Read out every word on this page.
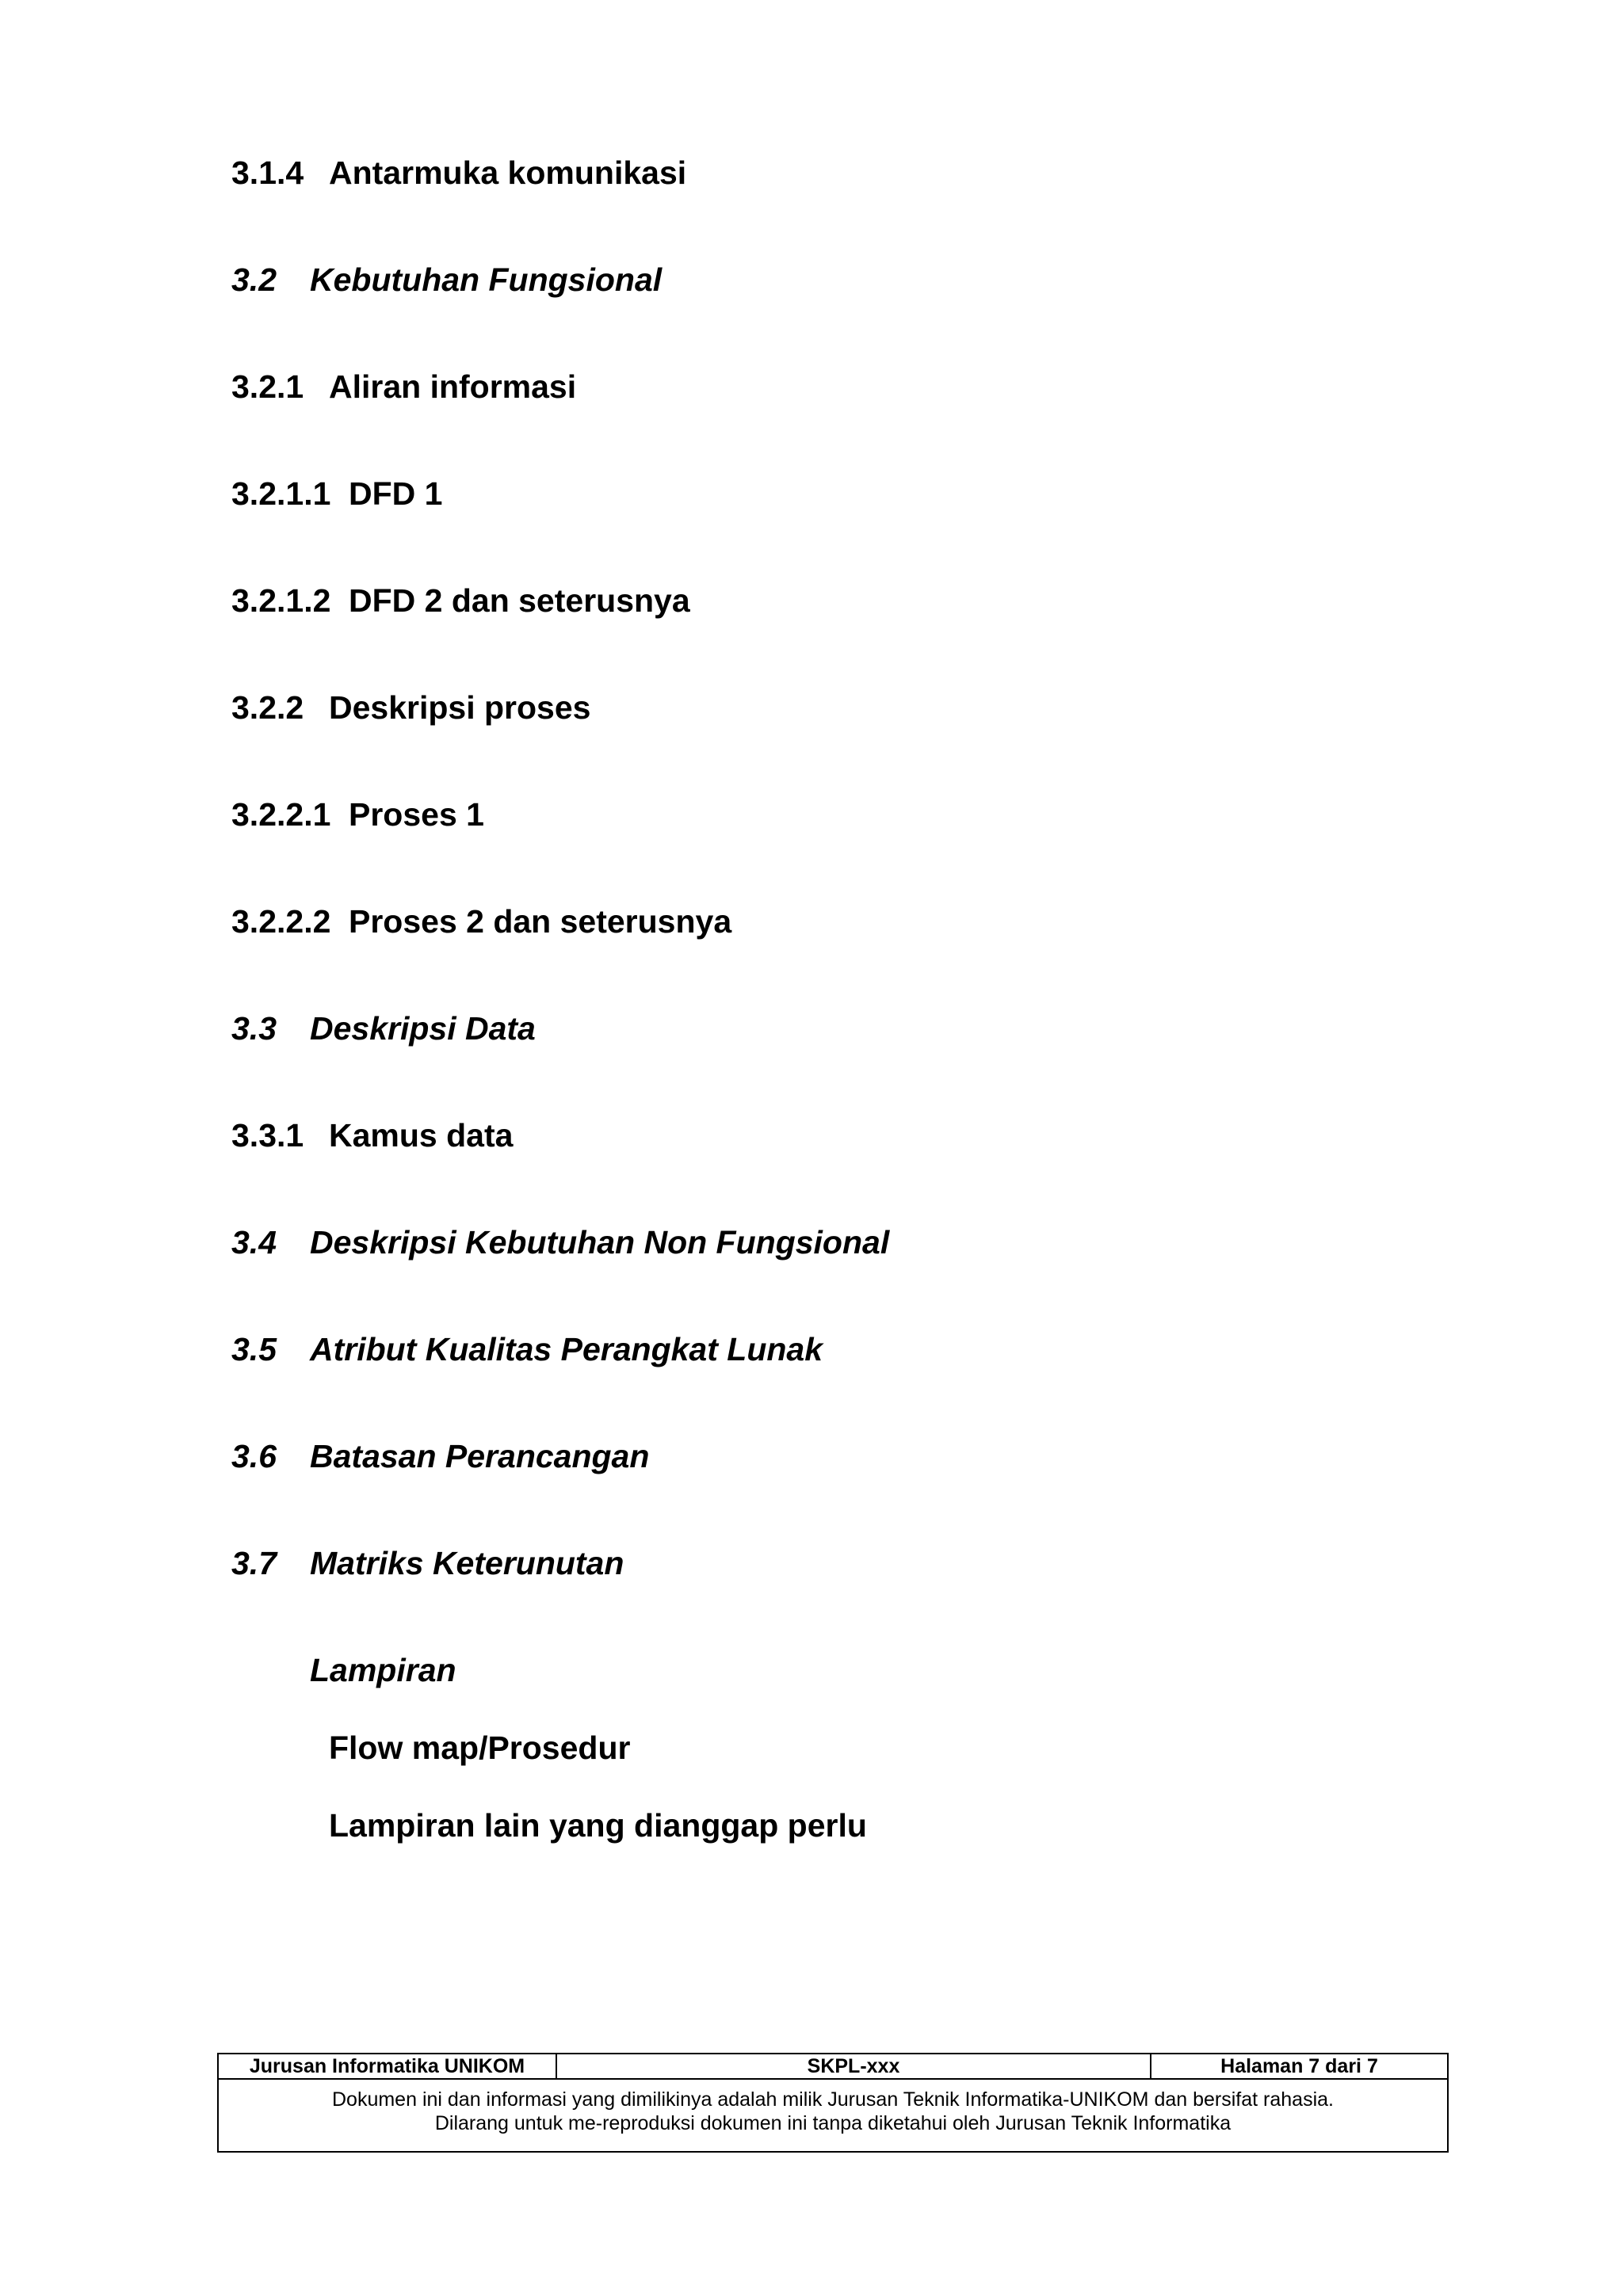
3.1.4 Antarmuka komunikasi
3.2 Kebutuhan Fungsional
3.2.1 Aliran informasi
3.2.1.1 DFD 1
3.2.1.2 DFD 2 dan seterusnya
3.2.2 Deskripsi proses
3.2.2.1 Proses 1
3.2.2.2 Proses 2 dan seterusnya
3.3 Deskripsi Data
3.3.1 Kamus data
3.4 Deskripsi Kebutuhan Non Fungsional
3.5 Atribut Kualitas Perangkat Lunak
3.6 Batasan Perancangan
3.7 Matriks Keterunutan
Lampiran
Flow map/Prosedur
Lampiran lain yang dianggap perlu
Jurusan Informatika UNIKOM	SKPL-xxx	Halaman 7 dari 7
Dokumen ini dan informasi yang dimilikinya adalah milik Jurusan Teknik Informatika-UNIKOM dan bersifat rahasia.
Dilarang untuk me-reproduksi dokumen ini tanpa diketahui oleh Jurusan Teknik Informatika
